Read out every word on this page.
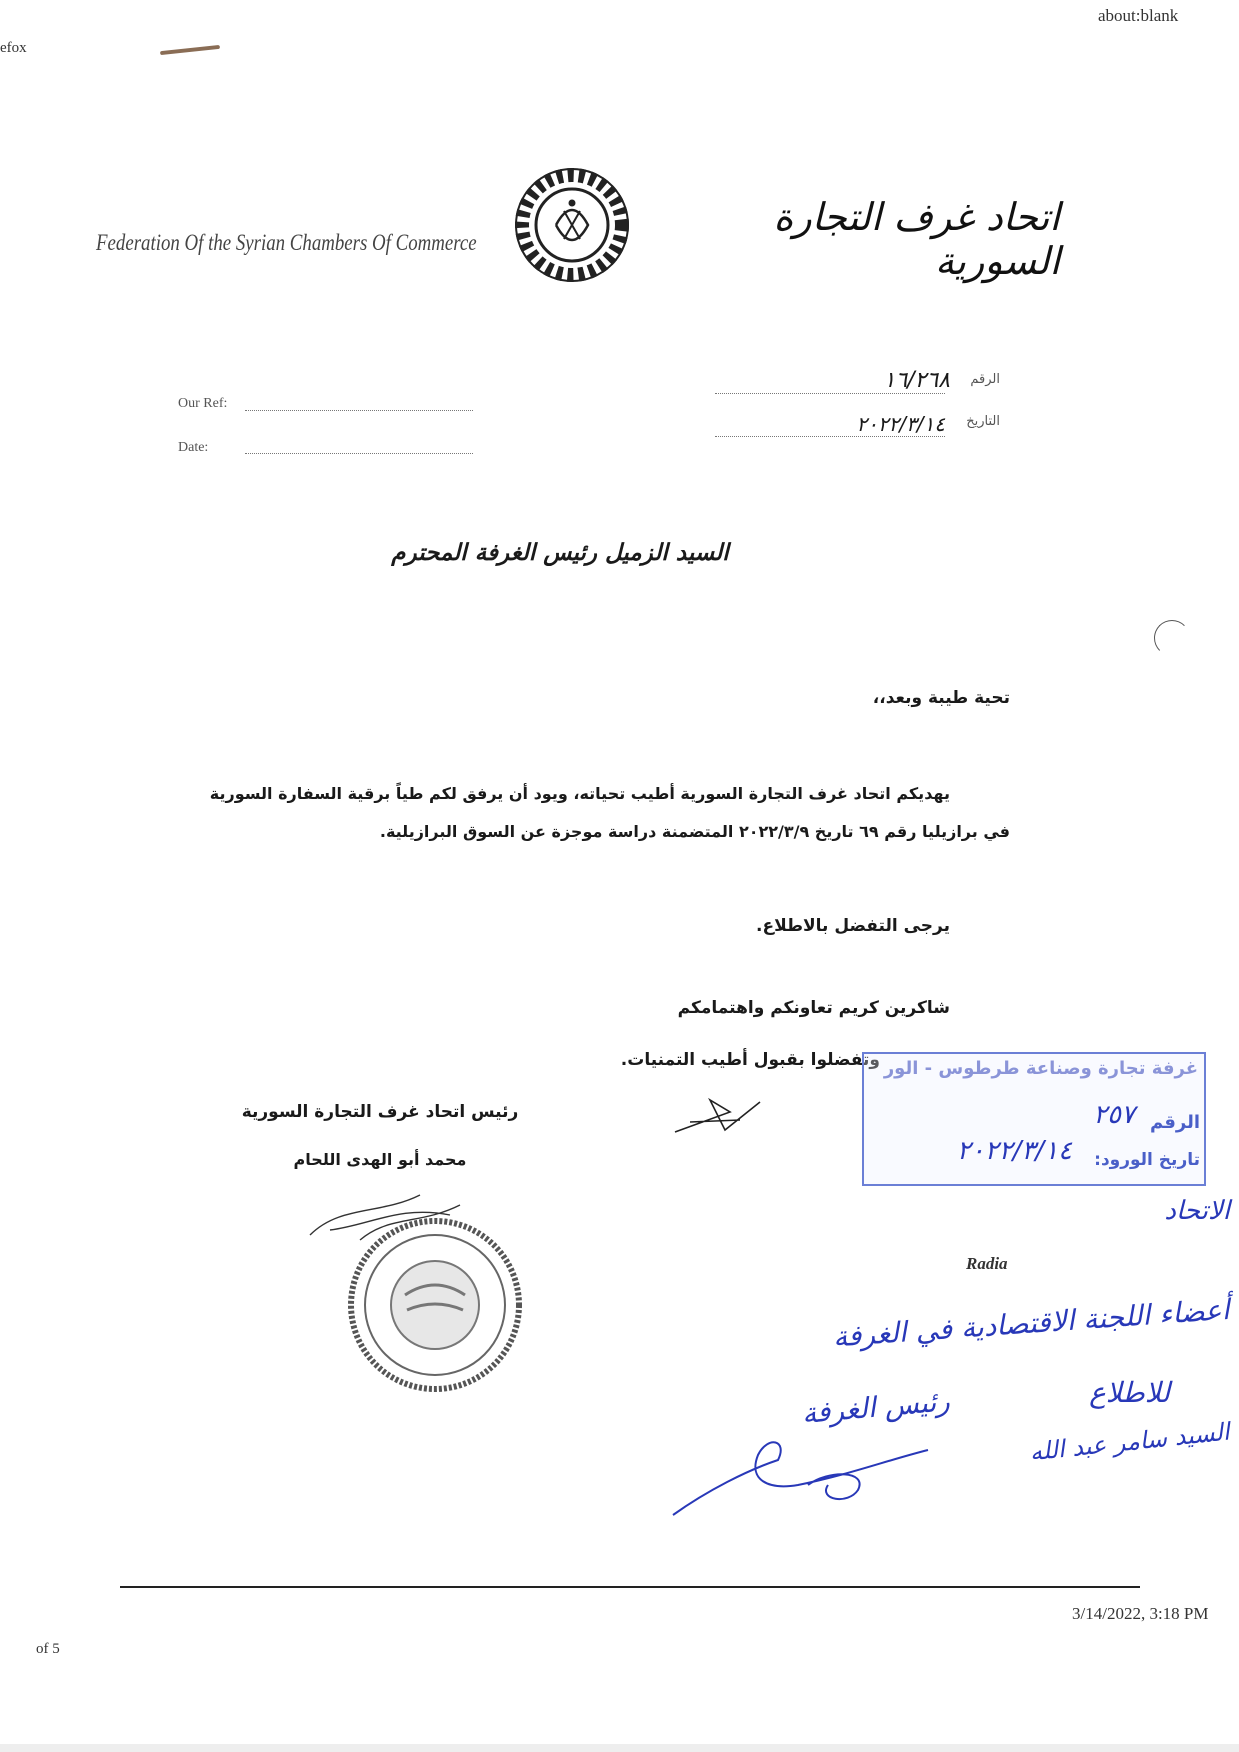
efox
about:blank
3/14/2022, 3:18 PM
of 5
Federation Of the Syrian Chambers Of Commerce
اتحاد غرف التجارة السورية
Our Ref:
Date:
الرقم
١٦/٢٦٨
التاريخ
٢٠٢٢/٣/١٤
السيد الزميل رئيس الغرفة المحترم
تحية طيبة وبعد،،
يهديكم اتحاد غرف التجارة السورية أطيب تحياته، ويود أن يرفق لكم طياً برقية السفارة السورية
في برازيليا رقم ٦٩ تاريخ ٢٠٢٢/٣/٩ المتضمنة دراسة موجزة عن السوق البرازيلية.
يرجى التفضل بالاطلاع.
شاكرين كريم تعاونكم واهتمامكم
وتفضلوا بقبول أطيب التمنيات.
رئيس اتحاد غرف التجارة السورية
محمد أبو الهدى اللحام
غرفة تجارة وصناعة طرطوس - الور
الرقم
٢٥٧
تاريخ الورود:
٢٠٢٢/٣/١٤
الاتحاد
Radia
أعضاء اللجنة الاقتصادية في الغرفة
للاطلاع
السيد سامر عبد الله
رئيس الغرفة
